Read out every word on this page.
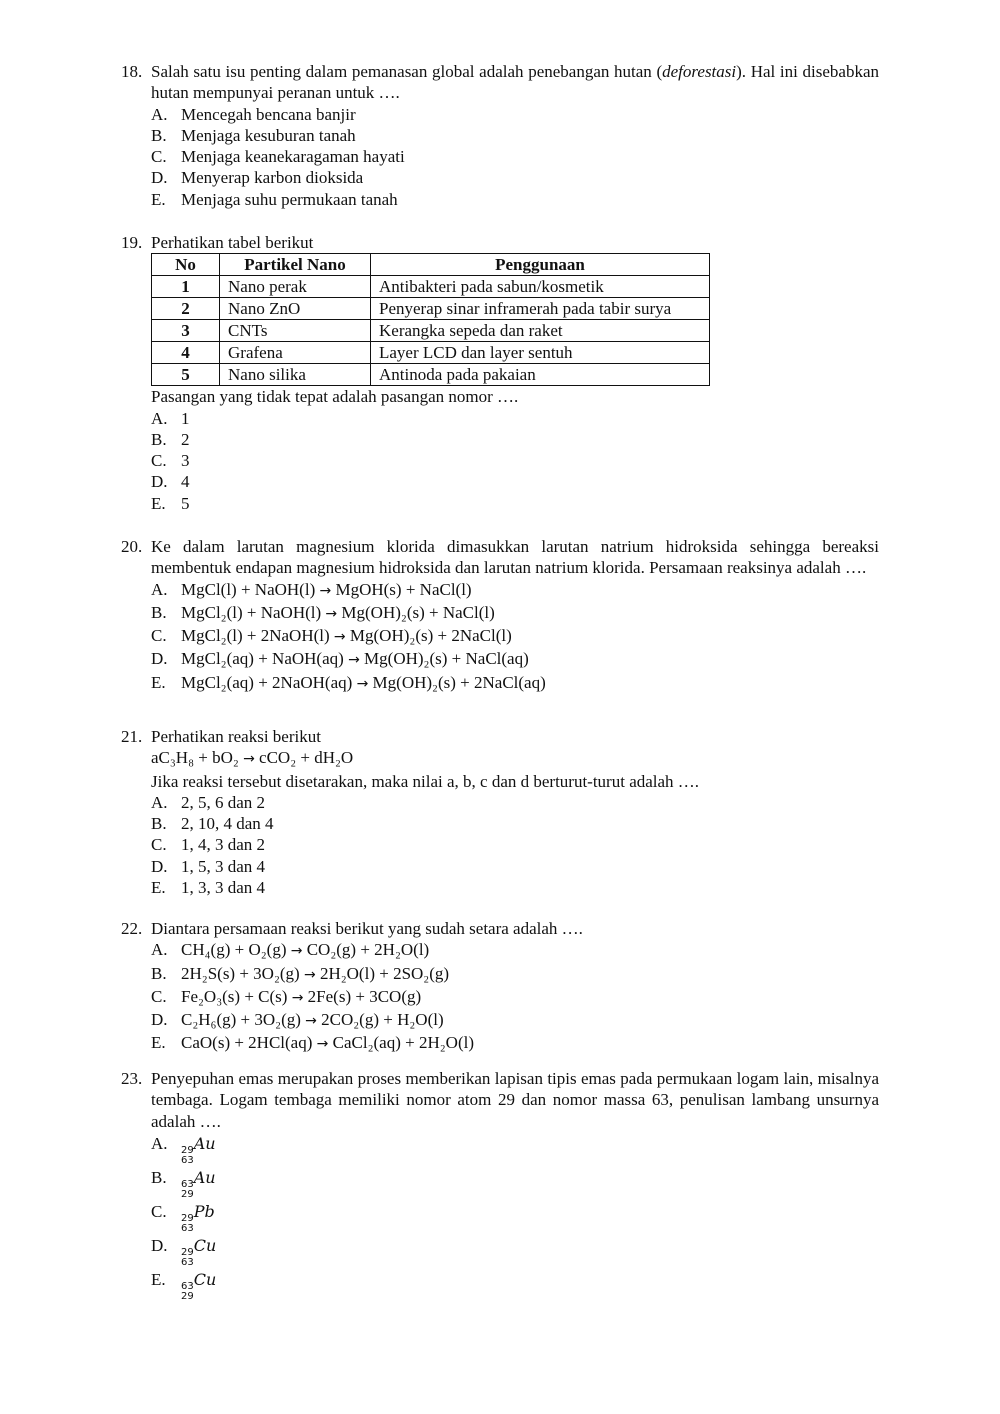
18. Salah satu isu penting dalam pemanasan global adalah penebangan hutan (deforestasi). Hal ini disebabkan hutan mempunyai peranan untuk ….
A. Mencegah bencana banjir
B. Menjaga kesuburan tanah
C. Menjaga keanekaragaman hayati
D. Menyerap karbon dioksida
E. Menjaga suhu permukaan tanah
19. Perhatikan tabel berikut
No	Partikel Nano	Penggunaan
1	Nano perak	Antibakteri pada sabun/kosmetik
2	Nano ZnO	Penyerap sinar inframerah pada tabir surya
3	CNTs	Kerangka sepeda dan raket
4	Grafena	Layer LCD dan layer sentuh
5	Nano silika	Antinoda pada pakaian
Pasangan yang tidak tepat adalah pasangan nomor ….
A. 1
B. 2
C. 3
D. 4
E. 5
20. Ke dalam larutan magnesium klorida dimasukkan larutan natrium hidroksida sehingga bereaksi membentuk endapan magnesium hidroksida dan larutan natrium klorida. Persamaan reaksinya adalah ….
A. MgCl(l) + NaOH(l) → MgOH(s) + NaCl(l)
B. MgCl₂(l) + NaOH(l) → Mg(OH)₂(s) + NaCl(l)
C. MgCl₂(l) + 2NaOH(l) → Mg(OH)₂(s) + 2NaCl(l)
D. MgCl₂(aq) + NaOH(aq) → Mg(OH)₂(s) + NaCl(aq)
E. MgCl₂(aq) + 2NaOH(aq) → Mg(OH)₂(s) + 2NaCl(aq)
21. Perhatikan reaksi berikut
aC₃H₈ + bO₂ → cCO₂ + dH₂O
Jika reaksi tersebut disetarakan, maka nilai a, b, c dan d berturut-turut adalah ….
A. 2, 5, 6 dan 2
B. 2, 10, 4 dan 4
C. 1, 4, 3 dan 2
D. 1, 5, 3 dan 4
E. 1, 3, 3 dan 4
22. Diantara persamaan reaksi berikut yang sudah setara adalah ….
A. CH₄(g) + O₂(g) → CO₂(g) + 2H₂O(l)
B. 2H₂S(s) + 3O₂(g) → 2H₂O(l) + 2SO₂(g)
C. Fe₂O₃(s) + C(s) → 2Fe(s) + 3CO(g)
D. C₂H₆(g) + 3O₂(g) → 2CO₂(g) + H₂O(l)
E. CaO(s) + 2HCl(aq) → CaCl₂(aq) + 2H₂O(l)
23. Penyepuhan emas merupakan proses memberikan lapisan tipis emas pada permukaan logam lain, misalnya tembaga. Logam tembaga memiliki nomor atom 29 dan nomor massa 63, penulisan lambang unsurnya adalah ….
A.	29
63
Au
B.	63
29
Au
C.	29
63
Pb
D.	29
63
Cu
E.	63
29
Cu
